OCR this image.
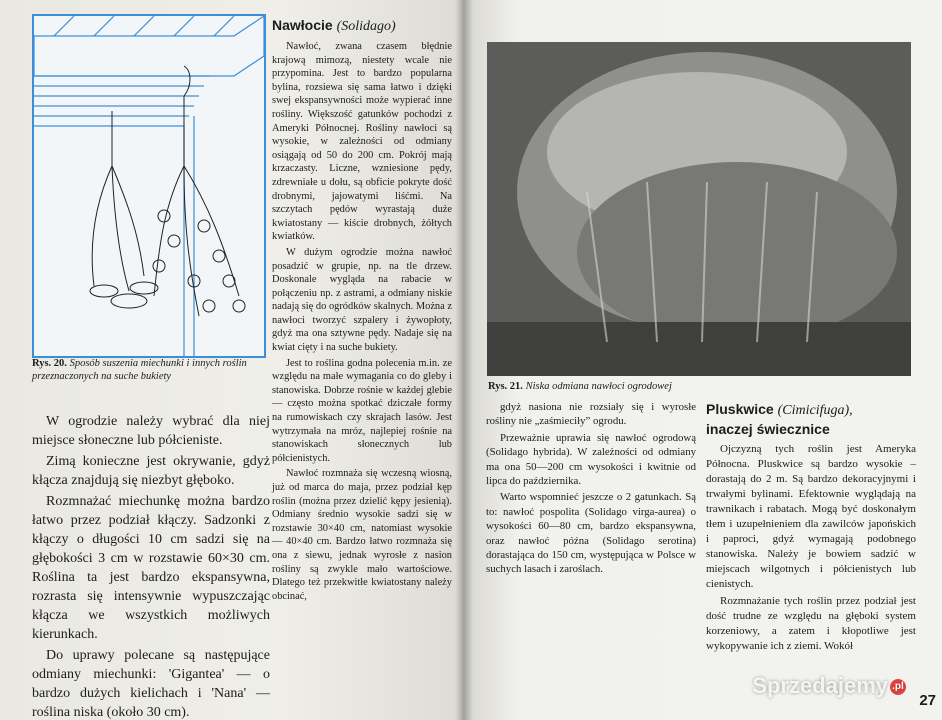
Rys. 20. Sposób suszenia miechunki i innych roślin przeznaczonych na suche bukiety
Nawłocie (Solidago)

Nawłoć, zwana czasem błędnie krajową mimozą, niestety wcale nie przypomina. Jest to bardzo popularna bylina, rozsiewa się sama łatwo i dzięki swej ekspansywności może wypierać inne rośliny. Większość gatunków pochodzi z Ameryki Północnej. Rośliny nawłoci są wysokie, w zależności od odmiany osiągają od 50 do 200 cm. Pokrój mają krzaczasty. Liczne, wzniesione pędy, zdrewniałe u dołu, są obficie pokryte dość drobnymi, jajowatymi liśćmi. Na szczytach pędów wyrastają duże kwiatostany — kiście drobnych, żółtych kwiatków.

W dużym ogrodzie można nawłoć posadzić w grupie, np. na tle drzew. Doskonale wygląda na rabacie w połączeniu np. z astrami, a odmiany niskie nadają się do ogródków skalnych. Można z nawłoci tworzyć szpalery i żywopłoty, gdyż ma ona sztywne pędy. Nadaje się na kwiat cięty i na suche bukiety.

Jest to roślina godna polecenia m.in. ze względu na małe wymagania co do gleby i stanowiska. Dobrze rośnie w każdej glebie — często można spotkać dziczałe formy na rumowiskach czy skrajach lasów. Jest wytrzymała na mróz, najlepiej rośnie na stanowiskach słonecznych lub półcienistych.

Nawłoć rozmnaża się wczesną wiosną, już od marca do maja, przez podział kęp roślin (można przez dzielić kępy jesienią). Odmiany średnio wysokie sadzi się w rozstawie 30×40 cm, natomiast wysokie — 40×40 cm. Bardzo łatwo rozmnaża się ona z siewu, jednak wyrosłe z nasion rośliny są zwykle mało wartościowe. Dlatego też przekwitłe kwiatostany należy obcinać,

W ogrodzie należy wybrać dla niej miejsce słoneczne lub półcieniste.

Zimą konieczne jest okrywanie, gdyż kłącza znajdują się niezbyt głęboko.

Rozmnażać miechunkę można bardzo łatwo przez podział kłączy. Sadzonki z kłączy o długości 10 cm sadzi się na głębokości 3 cm w rozstawie 60×30 cm. Roślina ta jest bardzo ekspansywna, rozrasta się intensywnie wypuszczając kłącza we wszystkich możliwych kierunkach.

Do uprawy polecane są następujące odmiany miechunki: 'Gigantea' — o bardzo dużych kielichach i 'Nana' — roślina niska (około 30 cm).

Rys. 21. Niska odmiana nawłoci ogrodowej

gdyż nasiona nie rozsiały się i wyrosłe rośliny nie „zaśmieciły” ogrodu.

Przeważnie uprawia się nawłoć ogrodową (Solidago hybrida). W zależności od odmiany ma ona 50—200 cm wysokości i kwitnie od lipca do października.

Warto wspomnieć jeszcze o 2 gatunkach. Są to: nawłoć pospolita (Solidago virga-aurea) o wysokości 60—80 cm, bardzo ekspansywna, oraz nawłoć późna (Solidago serotina) dorastająca do 150 cm, występująca w Polsce w suchych lasach i zaroślach.

Pluskwice (Cimicifuga),
inaczej świecznice

Ojczyzną tych roślin jest Ameryka Północna. Pluskwice są bardzo wysokie – dorastają do 2 m. Są bardzo dekoracyjnymi i trwałymi bylinami. Efektownie wyglądają na trawnikach i rabatach. Mogą być doskonałym tłem i uzupełnieniem dla zawilców japońskich i paproci, gdyż wymagają podobnego stanowiska. Należy je bowiem sadzić w miejscach wilgotnych i półcienistych lub cienistych.

Rozmnażanie tych roślin przez podział jest dość trudne ze względu na głęboki system korzeniowy, a zatem i kłopotliwe jest wykopywanie ich z ziemi. Wokół

Sprzedajemy .pl
27
